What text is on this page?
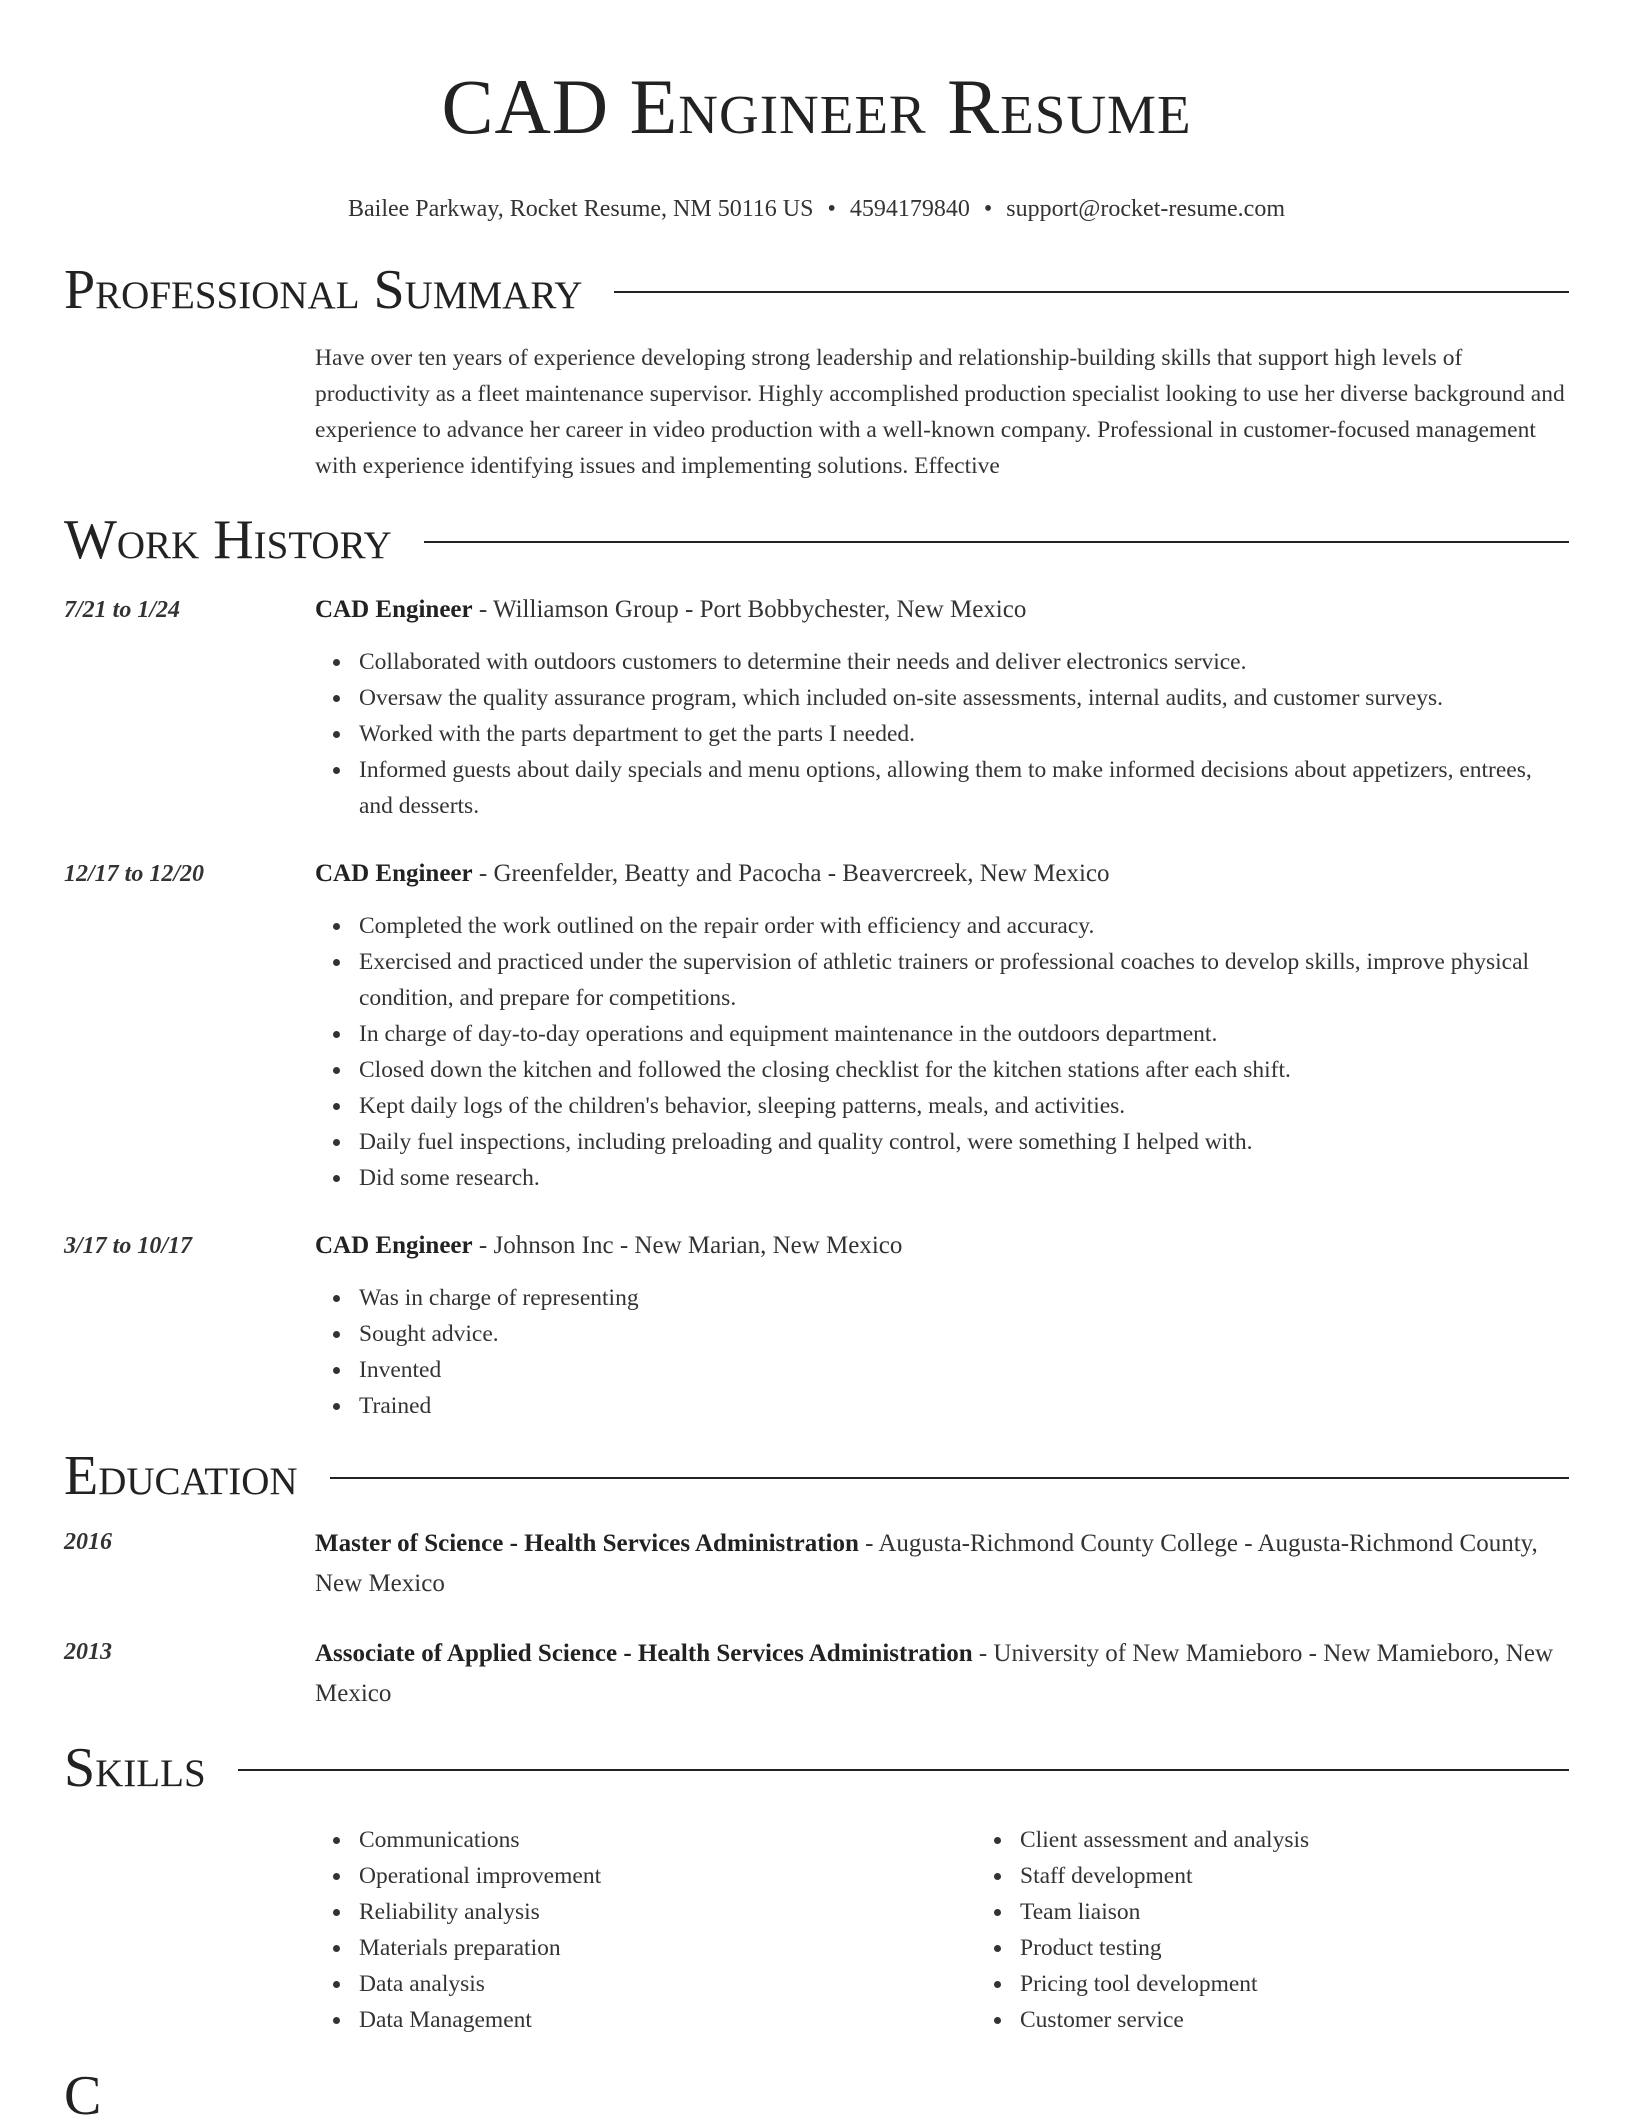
CAD Engineer Resume
Bailee Parkway, Rocket Resume, NM 50116 US • 4594179840 • support@rocket-resume.com
Professional Summary
Have over ten years of experience developing strong leadership and relationship-building skills that support high levels of productivity as a fleet maintenance supervisor. Highly accomplished production specialist looking to use her diverse background and experience to advance her career in video production with a well-known company. Professional in customer-focused management with experience identifying issues and implementing solutions. Effective
Work History
7/21 to 1/24	CAD Engineer - Williamson Group - Port Bobbychester, New Mexico
Collaborated with outdoors customers to determine their needs and deliver electronics service.
Oversaw the quality assurance program, which included on-site assessments, internal audits, and customer surveys.
Worked with the parts department to get the parts I needed.
Informed guests about daily specials and menu options, allowing them to make informed decisions about appetizers, entrees, and desserts.
12/17 to 12/20	CAD Engineer - Greenfelder, Beatty and Pacocha - Beavercreek, New Mexico
Completed the work outlined on the repair order with efficiency and accuracy.
Exercised and practiced under the supervision of athletic trainers or professional coaches to develop skills, improve physical condition, and prepare for competitions.
In charge of day-to-day operations and equipment maintenance in the outdoors department.
Closed down the kitchen and followed the closing checklist for the kitchen stations after each shift.
Kept daily logs of the children's behavior, sleeping patterns, meals, and activities.
Daily fuel inspections, including preloading and quality control, were something I helped with.
Did some research.
3/17 to 10/17	CAD Engineer - Johnson Inc - New Marian, New Mexico
Was in charge of representing
Sought advice.
Invented
Trained
Education
2016	Master of Science - Health Services Administration - Augusta-Richmond County College - Augusta-Richmond County, New Mexico
2013	Associate of Applied Science - Health Services Administration - University of New Mamieboro - New Mamieboro, New Mexico
Skills
Communications
Operational improvement
Reliability analysis
Materials preparation
Data analysis
Data Management
Client assessment and analysis
Staff development
Team liaison
Product testing
Pricing tool development
Customer service
C
